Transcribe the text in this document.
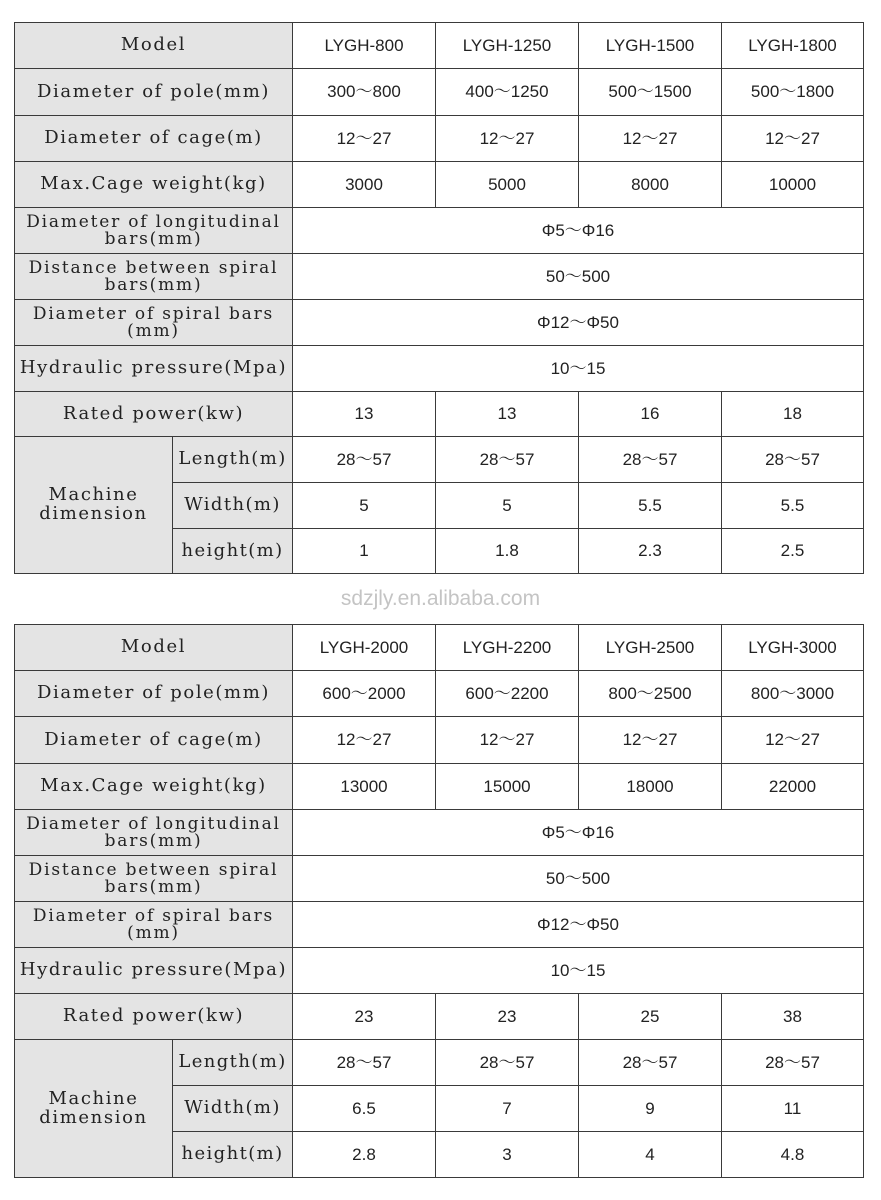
Model		LYGH-800	LYGH-1250	LYGH-1500	LYGH-1800
Diameter of pole(mm)		300～800	400～1250	500～1500	500～1800
Diameter of cage(m)		12～27	12～27	12～27	12～27
Max.Cage weight(kg)		3000	5000	8000	10000

Diameter of longitudinal
bars(mm)		Φ5～Φ16			

Distance between spiral
bars(mm)		50～500			

Diameter of spiral bars
(mm)		Φ12～Φ50			
Hydraulic pressure(Mpa)		10～15			
Rated power(kw)		13	13	16	18

Machine
dimension	Length(m)	28～57	28～57	28～57	28～57
	Width(m)	5	5	5.5	5.5
	height(m)	1	1.8	2.3	2.5
sdzjly.en.alibaba.com
Model		LYGH-2000	LYGH-2200	LYGH-2500	LYGH-3000
Diameter of pole(mm)		600～2000	600～2200	800～2500	800～3000
Diameter of cage(m)		12～27	12～27	12～27	12～27
Max.Cage weight(kg)		13000	15000	18000	22000

Diameter of longitudinal
bars(mm)		Φ5～Φ16			

Distance between spiral
bars(mm)		50～500			

Diameter of spiral bars
(mm)		Φ12～Φ50			
Hydraulic pressure(Mpa)		10～15			
Rated power(kw)		23	23	25	38

Machine
dimension	Length(m)	28～57	28～57	28～57	28～57
	Width(m)	6.5	7	9	11
	height(m)	2.8	3	4	4.8
